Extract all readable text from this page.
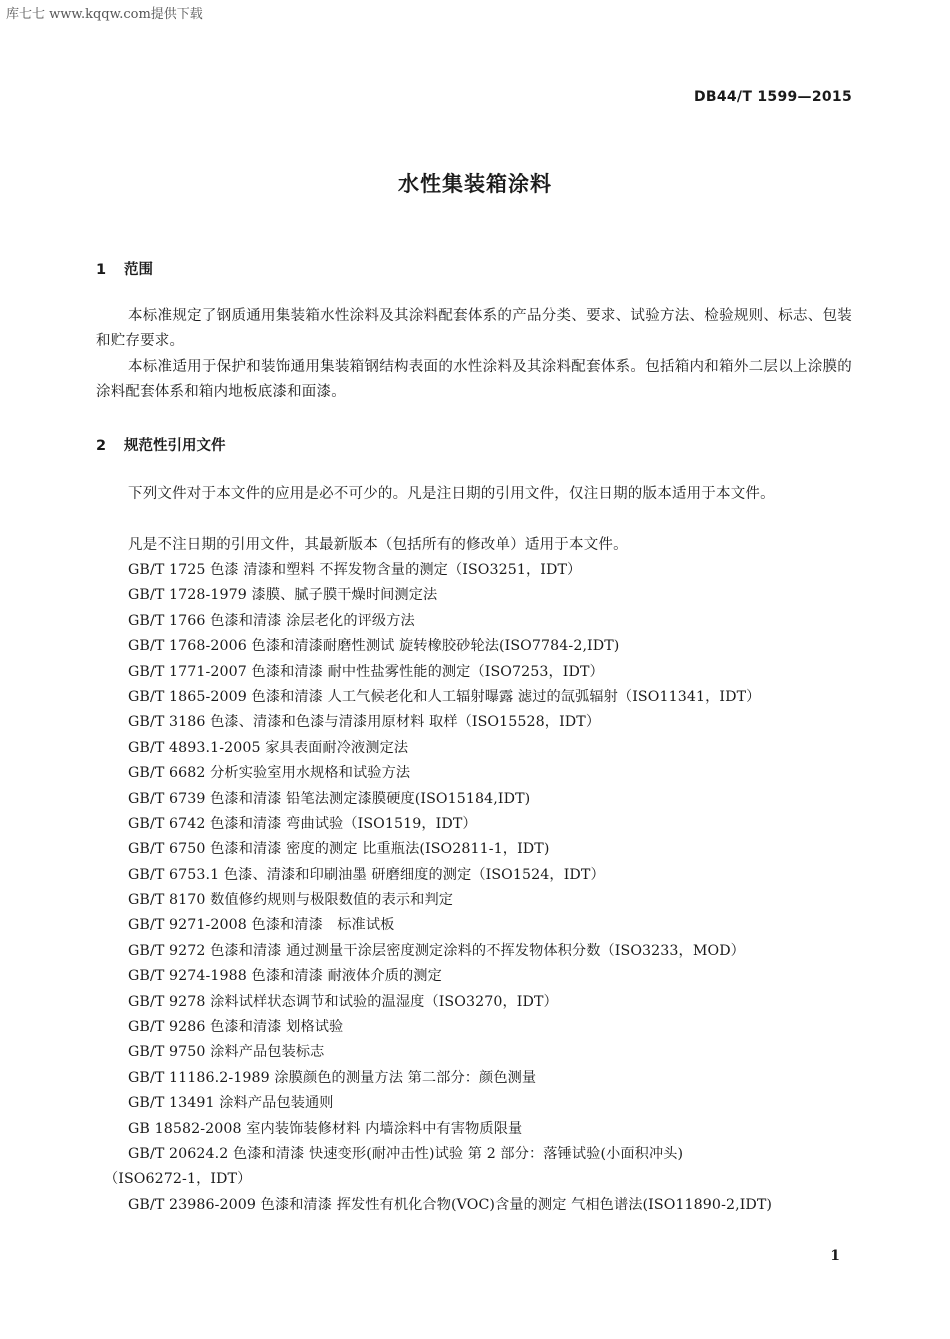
库七七 www.kqqw.com提供下载
DB44/T 1599—2015
水性集装箱涂料
1 范围

本标准规定了钢质通用集装箱水性涂料及其涂料配套体系的产品分类、要求、试验方法、检验规则、标志、包装和贮存要求。

本标准适用于保护和装饰通用集装箱钢结构表面的水性涂料及其涂料配套体系。包括箱内和箱外二层以上涂膜的涂料配套体系和箱内地板底漆和面漆。

2 规范性引用文件

下列文件对于本文件的应用是必不可少的。凡是注日期的引用文件，仅注日期的版本适用于本文件。

凡是不注日期的引用文件，其最新版本（包括所有的修改单）适用于本文件。

GB/T 1725 色漆 清漆和塑料 不挥发物含量的测定（ISO3251，IDT）
GB/T 1728-1979 漆膜、腻子膜干燥时间测定法
GB/T 1766 色漆和清漆 涂层老化的评级方法
GB/T 1768-2006 色漆和清漆耐磨性测试 旋转橡胶砂轮法(ISO7784-2,IDT)
GB/T 1771-2007 色漆和清漆 耐中性盐雾性能的测定（ISO7253，IDT）
GB/T 1865-2009 色漆和清漆 人工气候老化和人工辐射曝露 滤过的氙弧辐射（ISO11341，IDT）
GB/T 3186 色漆、清漆和色漆与清漆用原材料 取样（ISO15528，IDT）
GB/T 4893.1-2005 家具表面耐冷液测定法
GB/T 6682 分析实验室用水规格和试验方法
GB/T 6739 色漆和清漆 铅笔法测定漆膜硬度(ISO15184,IDT)
GB/T 6742 色漆和清漆 弯曲试验（ISO1519，IDT）
GB/T 6750 色漆和清漆 密度的测定 比重瓶法(ISO2811-1，IDT)
GB/T 6753.1 色漆、清漆和印刷油墨 研磨细度的测定（ISO1524，IDT）
GB/T 8170 数值修约规则与极限数值的表示和判定
GB/T 9271-2008 色漆和清漆　标准试板
GB/T 9272 色漆和清漆 通过测量干涂层密度测定涂料的不挥发物体积分数（ISO3233，MOD）
GB/T 9274-1988 色漆和清漆 耐液体介质的测定
GB/T 9278 涂料试样状态调节和试验的温湿度（ISO3270，IDT）
GB/T 9286 色漆和清漆 划格试验
GB/T 9750 涂料产品包装标志
GB/T 11186.2-1989 涂膜颜色的测量方法 第二部分：颜色测量
GB/T 13491 涂料产品包装通则
GB 18582-2008 室内装饰装修材料 内墙涂料中有害物质限量
GB/T 20624.2 色漆和清漆 快速变形(耐冲击性)试验 第 2 部分：落锤试验(小面积冲头)
（ISO6272-1，IDT）
GB/T 23986-2009 色漆和清漆 挥发性有机化合物(VOC)含量的测定 气相色谱法(ISO11890-2,IDT)
1
